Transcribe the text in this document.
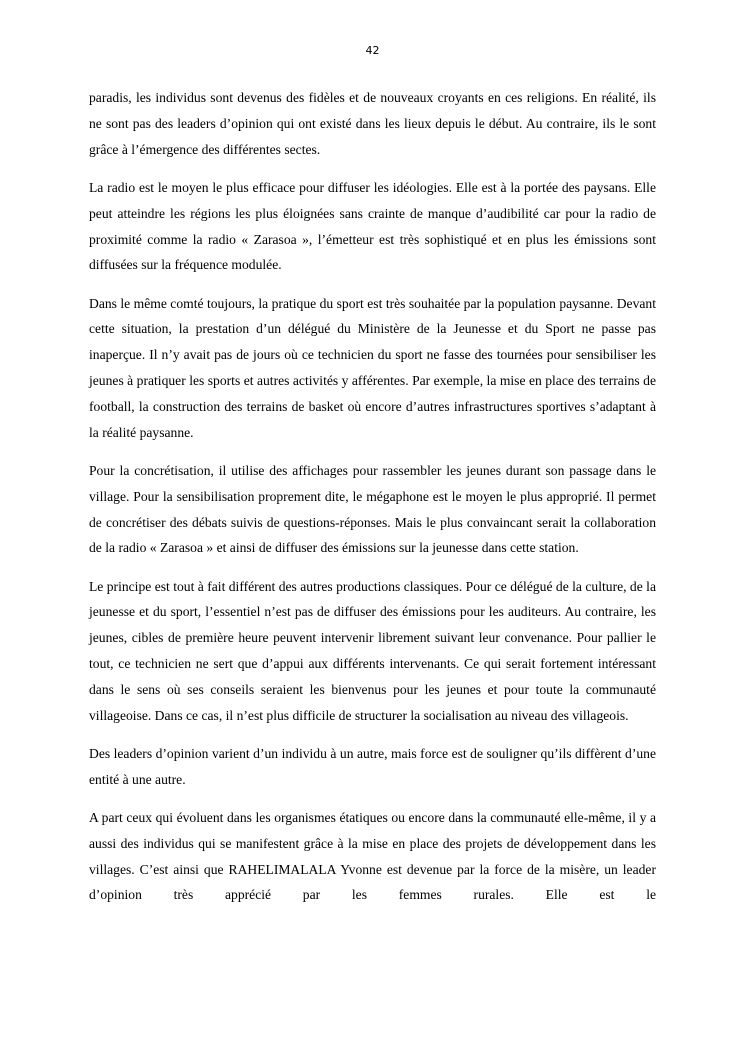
42

paradis, les individus sont devenus des fidèles et de nouveaux croyants en ces religions. En réalité, ils ne sont pas des leaders d’opinion qui ont existé dans les lieux depuis le début. Au contraire, ils le sont grâce à l’émergence des différentes sectes.

La radio est le moyen le plus efficace pour diffuser les idéologies. Elle est à la portée des paysans. Elle peut atteindre les régions les plus éloignées sans crainte de manque d’audibilité car pour la radio de proximité comme la radio « Zarasoa », l’émetteur est très sophistiqué et en plus les émissions sont diffusées sur la fréquence modulée.

Dans le même comté toujours, la pratique du sport est très souhaitée par la population paysanne. Devant cette situation, la prestation d’un délégué du Ministère de la Jeunesse et du Sport ne passe pas inaperçue. Il n’y avait pas de jours où ce technicien du sport ne fasse des tournées pour sensibiliser les jeunes à pratiquer les sports et autres activités y afférentes. Par exemple, la mise en place des terrains de football, la construction des terrains de basket où encore d’autres infrastructures sportives s’adaptant à la réalité paysanne.

Pour la concrétisation, il utilise des affichages pour rassembler les jeunes durant son passage dans le village. Pour la sensibilisation proprement dite, le mégaphone est le moyen le plus approprié. Il permet de concrétiser des débats suivis de questions-réponses. Mais le plus convaincant serait la collaboration de la radio « Zarasoa » et ainsi de diffuser des émissions sur la jeunesse dans cette station.

Le principe est tout à fait différent des autres productions classiques. Pour ce délégué de la culture, de la jeunesse et du sport, l’essentiel n’est pas de diffuser des émissions pour les auditeurs. Au contraire, les jeunes, cibles de première heure peuvent intervenir librement suivant leur convenance. Pour pallier le tout, ce technicien ne sert que d’appui aux différents intervenants. Ce qui serait fortement intéressant dans le sens où ses conseils seraient les bienvenus pour les jeunes et pour toute la communauté villageoise. Dans ce cas, il n’est plus difficile de structurer la socialisation au niveau des villageois.

Des leaders d’opinion varient d’un individu à un autre, mais force est de souligner qu’ils diffèrent d’une entité à une autre.

A part ceux qui évoluent dans les organismes étatiques ou encore dans la communauté elle-même, il y a aussi des individus qui se manifestent grâce à la mise en place des projets de développement dans les villages. C’est ainsi que RAHELIMALALA Yvonne est devenue par la force de la misère, un leader d’opinion très apprécié par les femmes rurales. Elle est le
